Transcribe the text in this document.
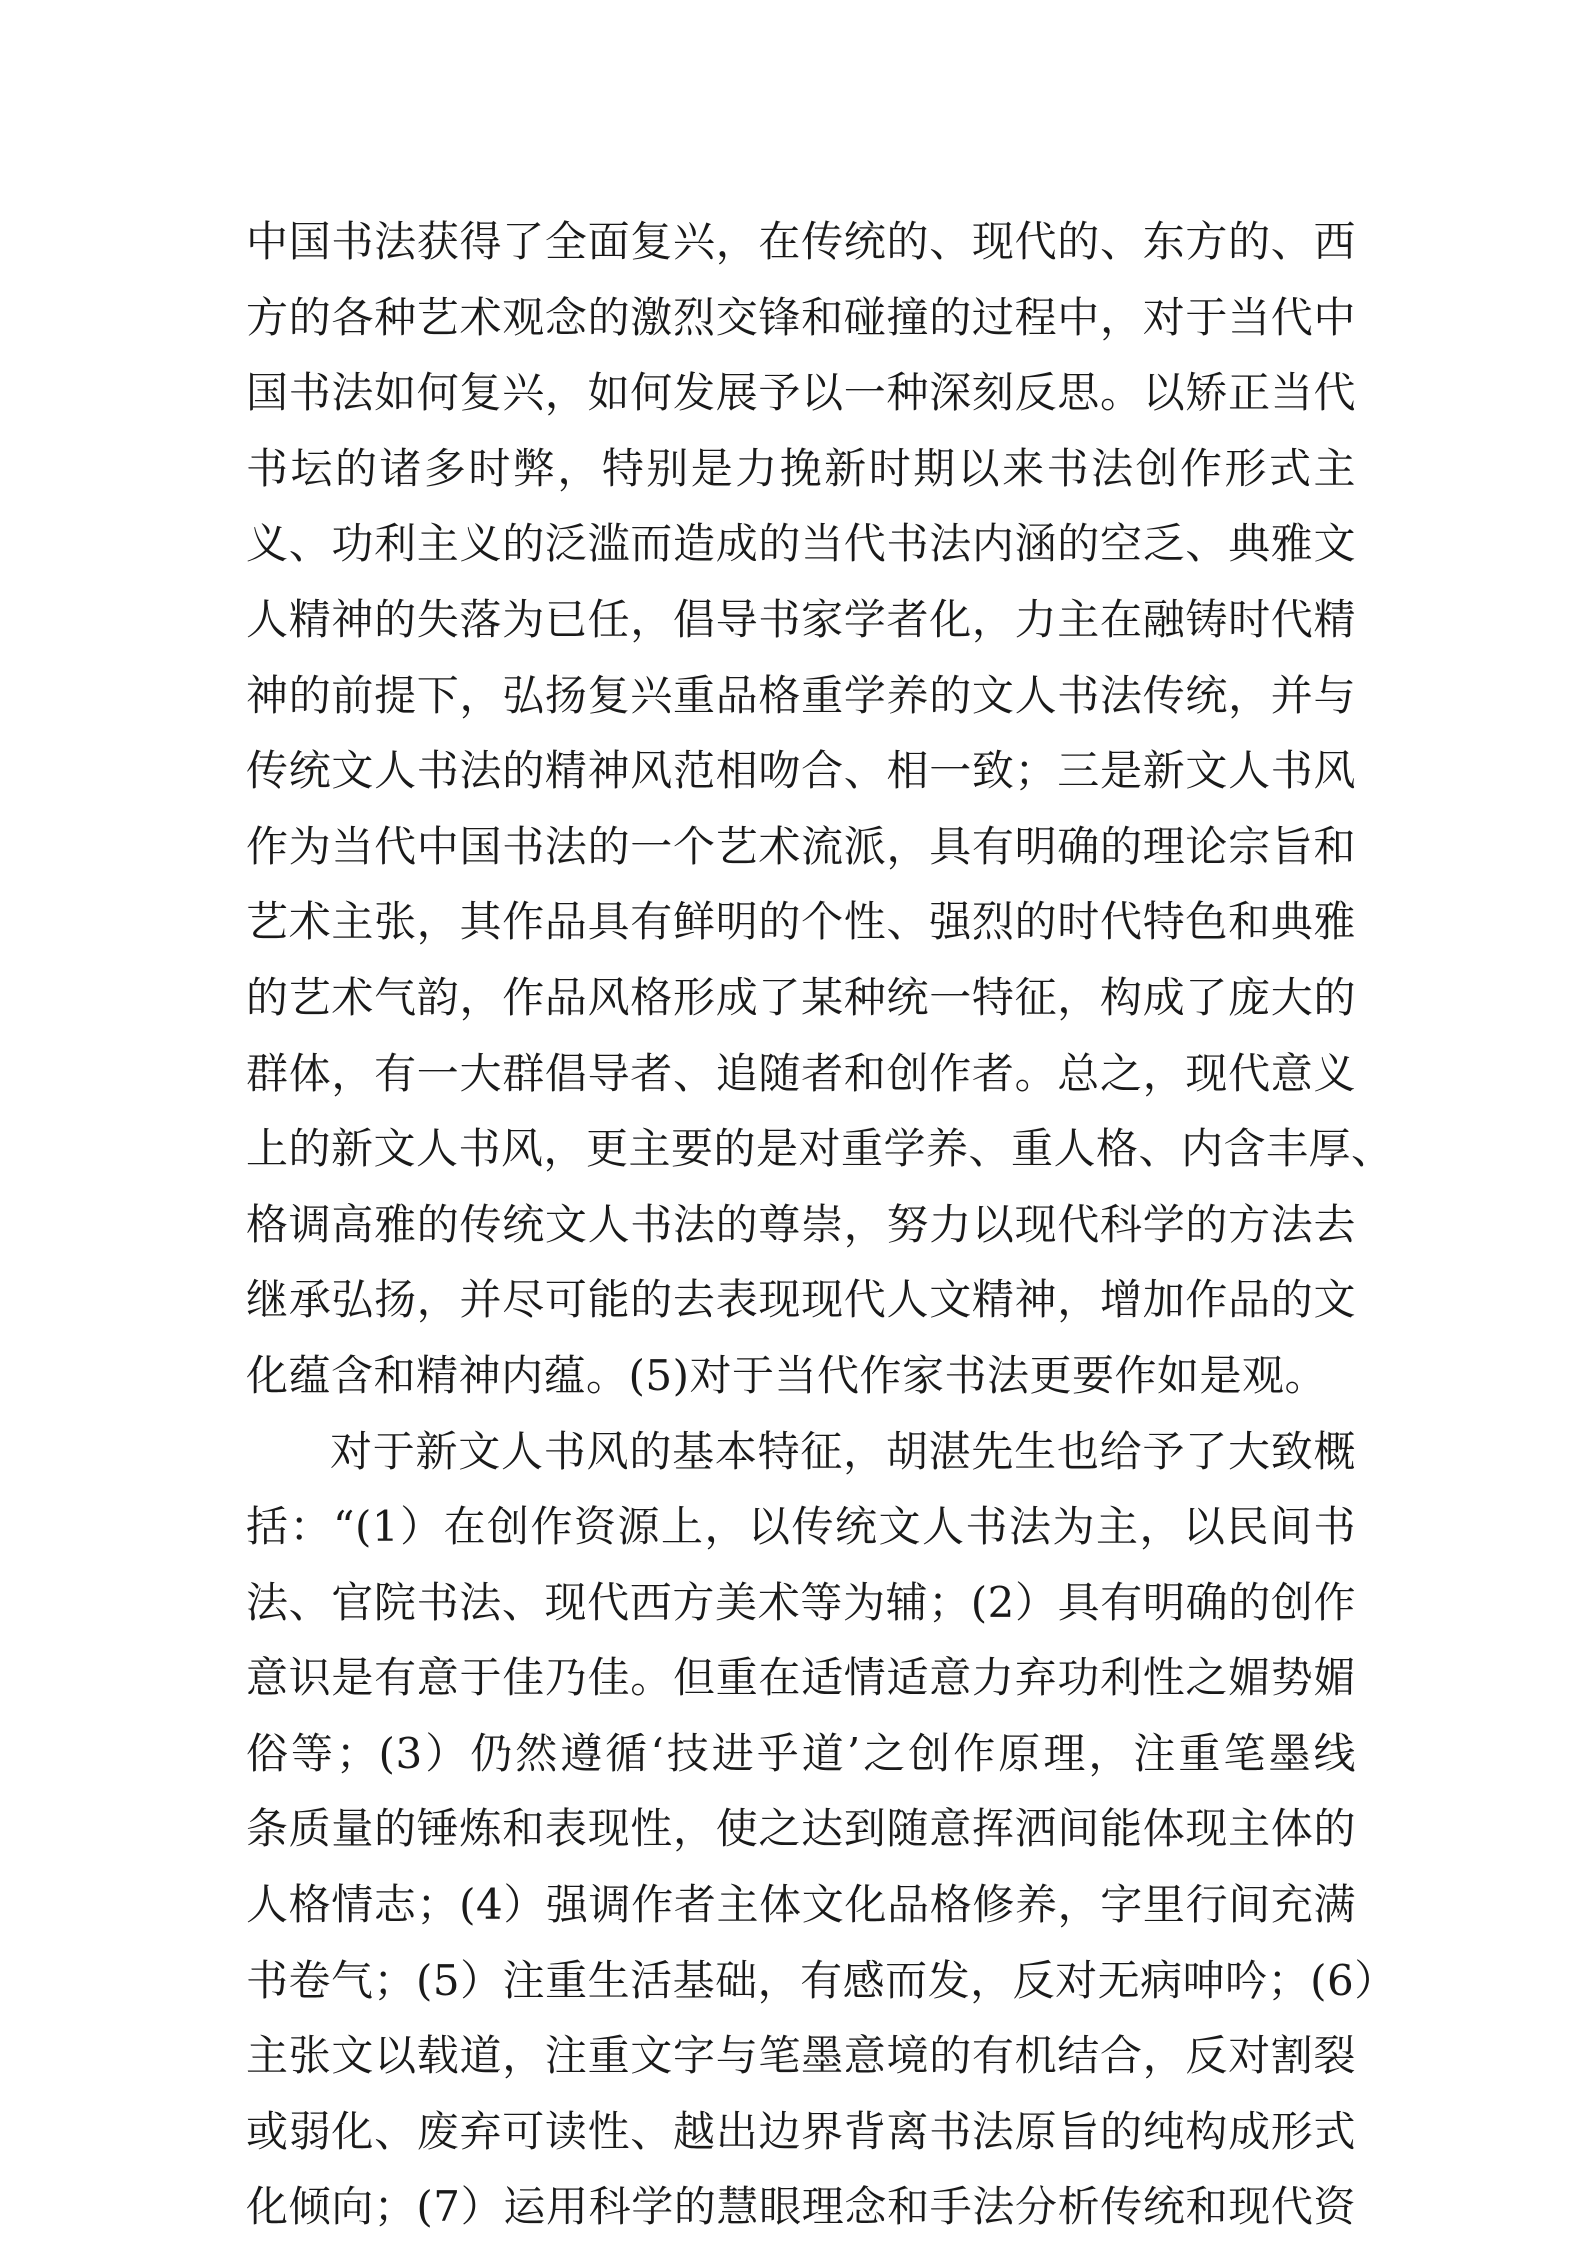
中国书法获得了全面复兴，在传统的、现代的、东方的、西
方的各种艺术观念的激烈交锋和碰撞的过程中，对于当代中
国书法如何复兴，如何发展予以一种深刻反思。以矫正当代
书坛的诸多时弊，特别是力挽新时期以来书法创作形式主
义、功利主义的泛滥而造成的当代书法内涵的空乏、典雅文
人精神的失落为已任，倡导书家学者化，力主在融铸时代精
神的前提下，弘扬复兴重品格重学养的文人书法传统，并与
传统文人书法的精神风范相吻合、相一致；三是新文人书风
作为当代中国书法的一个艺术流派，具有明确的理论宗旨和
艺术主张，其作品具有鲜明的个性、强烈的时代特色和典雅
的艺术气韵，作品风格形成了某种统一特征，构成了庞大的
群体，有一大群倡导者、追随者和创作者。总之，现代意义
上的新文人书风，更主要的是对重学养、重人格、内含丰厚、
格调高雅的传统文人书法的尊崇，努力以现代科学的方法去
继承弘扬，并尽可能的去表现现代人文精神，增加作品的文
化蕴含和精神内蕴。(5)对于当代作家书法更要作如是观。
对于新文人书风的基本特征，胡湛先生也给予了大致概
括：“(1）在创作资源上，以传统文人书法为主，以民间书
法、官院书法、现代西方美术等为辅；(2）具有明确的创作
意识是有意于佳乃佳。但重在适情适意力弃功利性之媚势媚
俗等；(3）仍然遵循‘技进乎道’之创作原理，注重笔墨线
条质量的锤炼和表现性，使之达到随意挥洒间能体现主体的
人格情志；(4）强调作者主体文化品格修养，字里行间充满
书卷气；(5）注重生活基础，有感而发，反对无病呻吟；(6）
主张文以载道，注重文字与笔墨意境的有机结合，反对割裂
或弱化、废弃可读性、越出边界背离书法原旨的纯构成形式
化倾向；(7）运用科学的慧眼理念和手法分析传统和现代资
